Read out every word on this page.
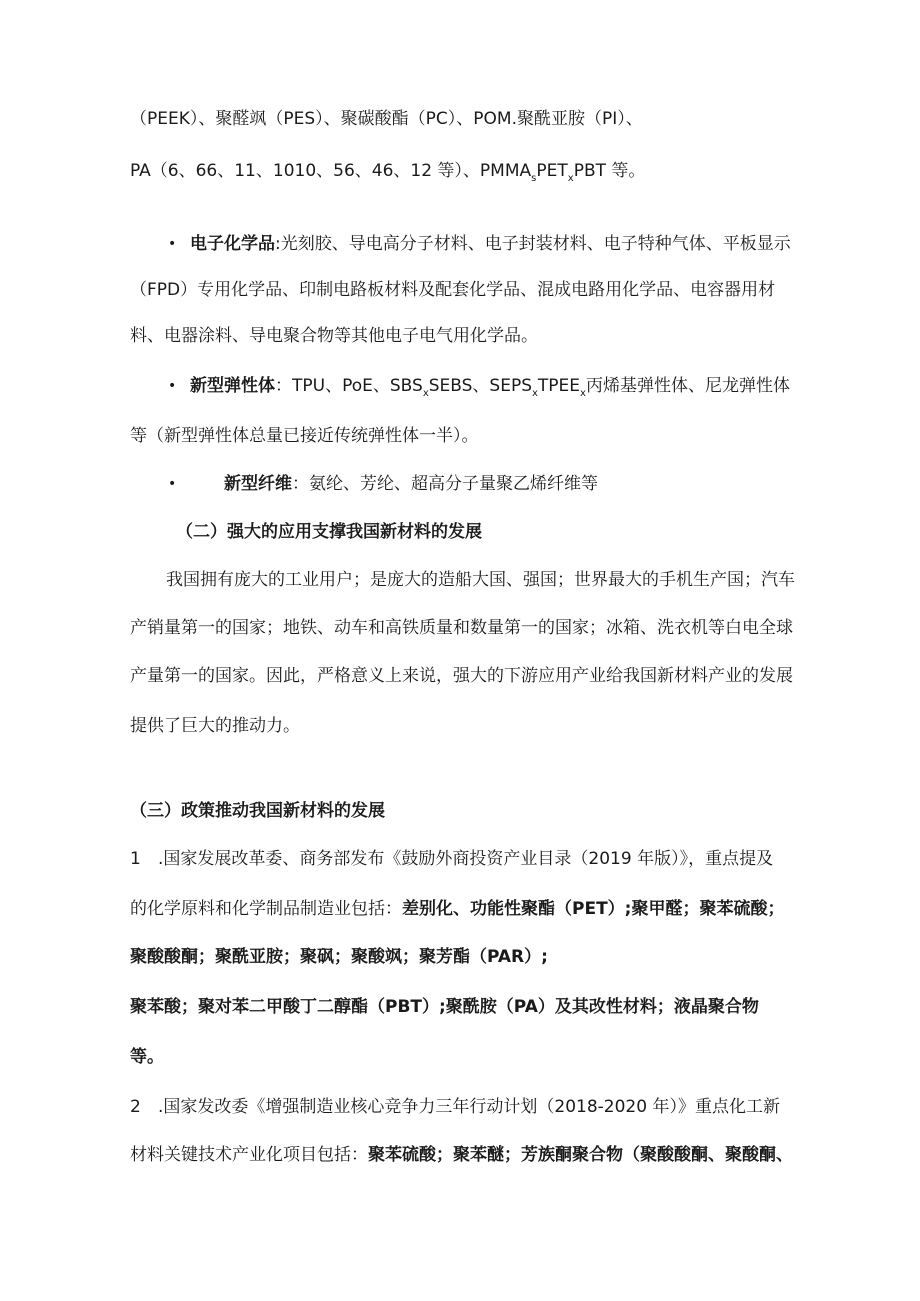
（PEEK）、聚醛飒（PES）、聚碳酸酯（PC）、POM.聚酰亚胺（PI）、
PA（6、66、11、1010、56、46、12 等）、$PMMA_sPET_xPBT$ 等。
• 电子化学品:光刻胶、导电高分子材料、电子封装材料、电子特种气体、平板显示
（FPD）专用化学品、印制电路板材料及配套化学品、混成电路用化学品、电容器用材
料、电器涂料、导电聚合物等其他电子电气用化学品。
• 新型弹性体：TPU、PoE、$SBS_xSEBS$、$SEPS_xTPEE_x$丙烯基弹性体、尼龙弹性体
等（新型弹性体总量已接近传统弹性体一半）。
•	新型纤维：氨纶、芳纶、超高分子量聚乙烯纤维等
（二）强大的应用支撑我国新材料的发展
我国拥有庞大的工业用户；是庞大的造船大国、强国；世界最大的手机生产国；汽车
产销量第一的国家；地铁、动车和高铁质量和数量第一的国家；冰箱、洗衣机等白电全球
产量第一的国家。因此，严格意义上来说，强大的下游应用产业给我国新材料产业的发展
提供了巨大的推动力。
（三）政策推动我国新材料的发展
1 .国家发展改革委、商务部发布《鼓励外商投资产业目录（2019 年版）》，重点提及
的化学原料和化学制品制造业包括：差别化、功能性聚酯（PET）;聚甲醛；聚苯硫酸；
聚酸酸酮；聚酰亚胺；聚砜；聚酸飒；聚芳酯（PAR）;
聚苯酸；聚对苯二甲酸丁二醇酯（PBT）;聚酰胺（PA）及其改性材料；液晶聚合物
等。
2 .国家发改委《增强制造业核心竞争力三年行动计划（2018-2020 年）》重点化工新
材料关键技术产业化项目包括：聚苯硫酸；聚苯醚；芳族酮聚合物（聚酸酸酮、聚酸酮、
